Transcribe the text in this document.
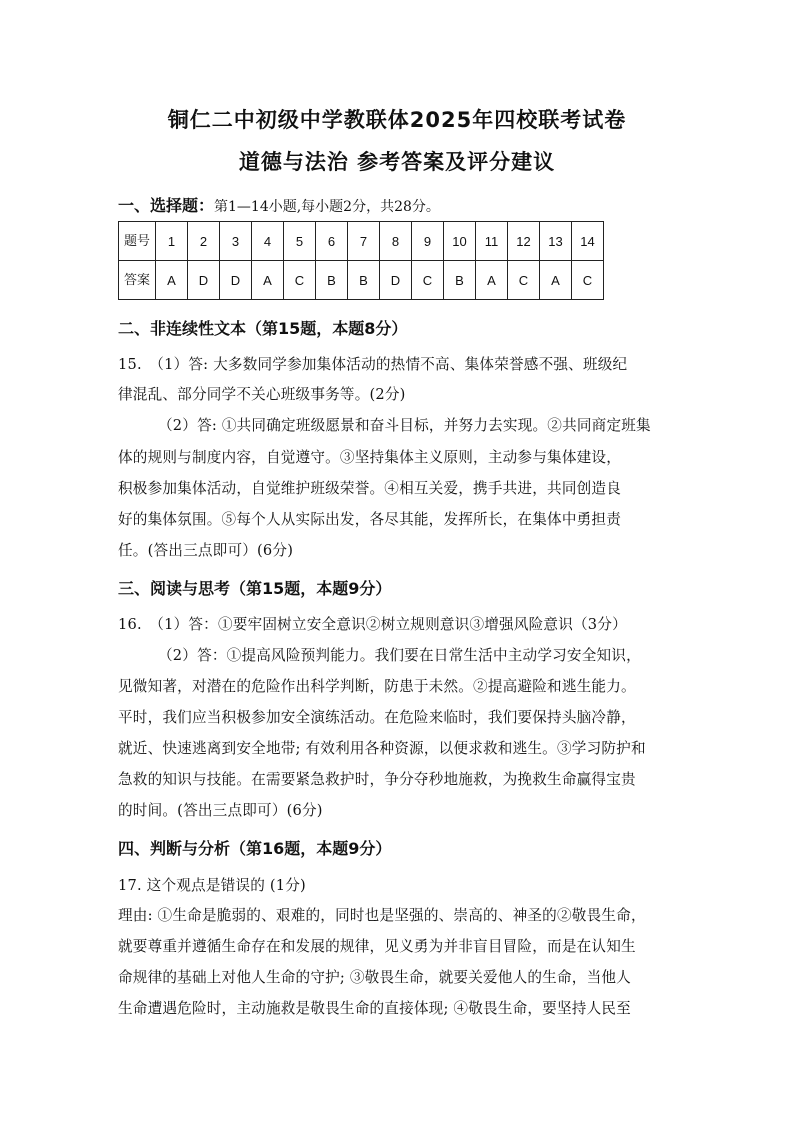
铜仁二中初级中学教联体2025年四校联考试卷
道德与法治 参考答案及评分建议
一、选择题：第1—14小题,每小题2分，共28分。
题号	1	2	3	4	5	6	7	8	9	10	11	12	13	14
答案	A	D	D	A	C	B	B	D	C	B	A	C	A	C
二、非连续性文本（第15题，本题8分）
15.　（1）答: 大多数同学参加集体活动的热情不高、集体荣誉感不强、班级纪
律混乱、部分同学不关心班级事务等。(2分)
（2）答: ①共同确定班级愿景和奋斗目标，并努力去实现。②共同商定班集
体的规则与制度内容，自觉遵守。③坚持集体主义原则，主动参与集体建设，
积极参加集体活动，自觉维护班级荣誉。④相互关爱，携手共进，共同创造良
好的集体氛围。⑤每个人从实际出发，各尽其能，发挥所长，在集体中勇担责
任。(答出三点即可）(6分)
三、阅读与思考（第15题，本题9分）
16.　（1）答：①要牢固树立安全意识②树立规则意识③增强风险意识（3分）
（2）答：①提高风险预判能力。我们要在日常生活中主动学习安全知识，
见微知著，对潜在的危险作出科学判断，防患于未然。②提高避险和逃生能力。
平时，我们应当积极参加安全演练活动。在危险来临时，我们要保持头脑冷静，
就近、快速逃离到安全地带; 有效利用各种资源，以便求救和逃生。③学习防护和
急救的知识与技能。在需要紧急救护时，争分夺秒地施救，为挽救生命赢得宝贵
的时间。(答出三点即可）(6分)
四、判断与分析（第16题，本题9分）
17. 这个观点是错误的 (1分)
理由: ①生命是脆弱的、艰难的，同时也是坚强的、崇高的、神圣的②敬畏生命，
就要尊重并遵循生命存在和发展的规律，见义勇为并非盲目冒险，而是在认知生
命规律的基础上对他人生命的守护; ③敬畏生命，就要关爱他人的生命，当他人
生命遭遇危险时，主动施救是敬畏生命的直接体现; ④敬畏生命，要坚持人民至
